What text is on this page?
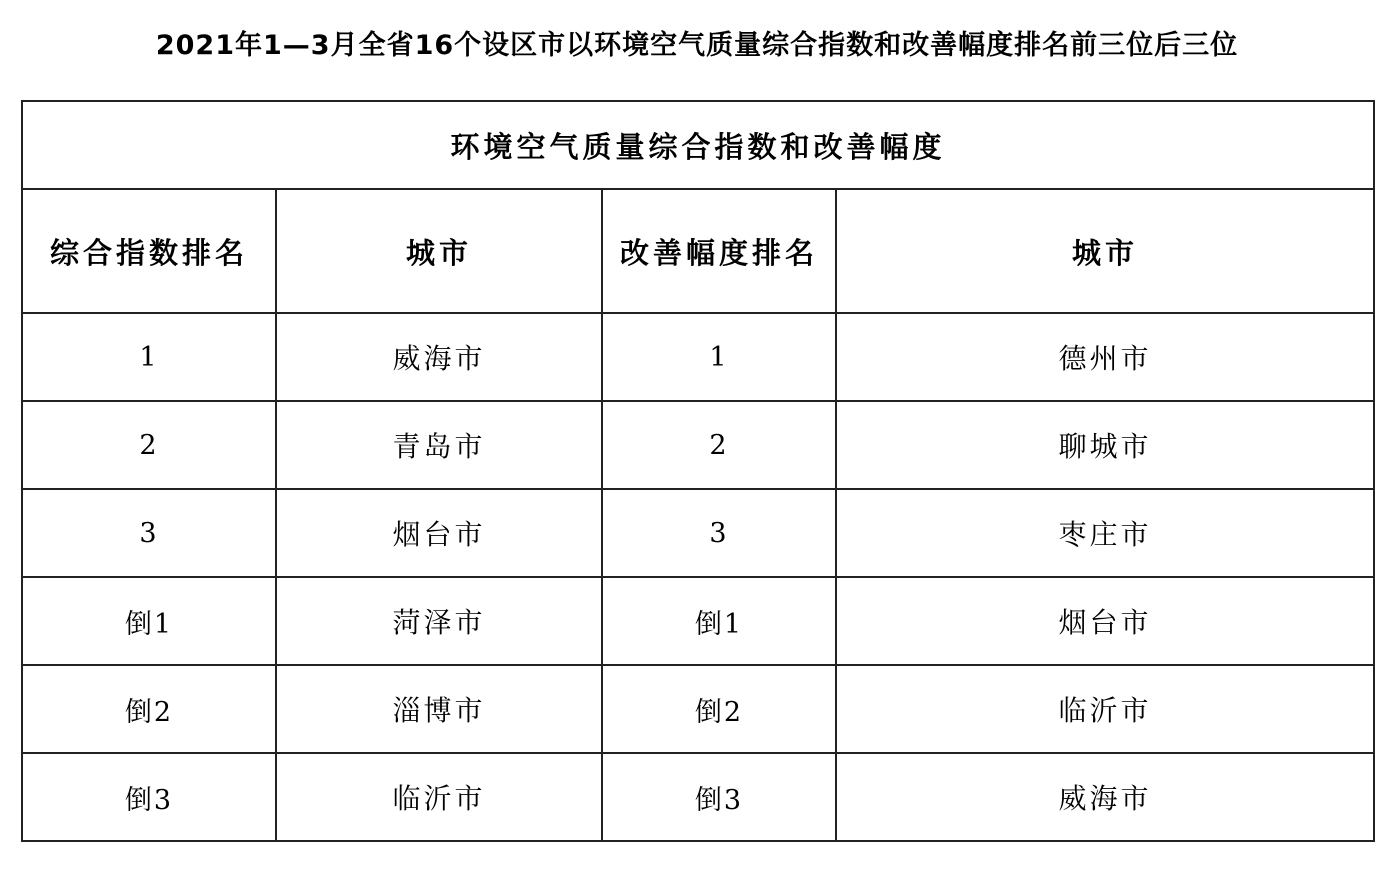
2021年1—3月全省16个设区市以环境空气质量综合指数和改善幅度排名前三位后三位
环境空气质量综合指数和改善幅度			
综合指数排名	城市	改善幅度排名	城市
1	威海市	1	德州市
2	青岛市	2	聊城市
3	烟台市	3	枣庄市
倒1	菏泽市	倒1	烟台市
倒2	淄博市	倒2	临沂市
倒3	临沂市	倒3	威海市
